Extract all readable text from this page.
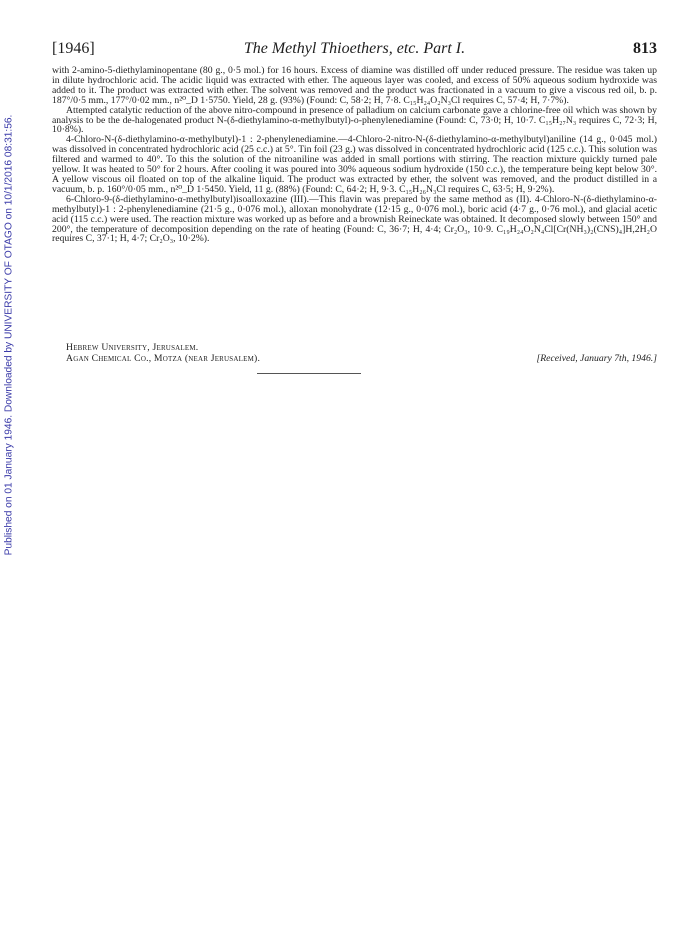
Published on 01 January 1946. Downloaded by UNIVERSITY OF OTAGO on 10/1/2016 08:31:56.
[1946]	The Methyl Thioethers, etc. Part I.	813

with 2-amino-5-diethylaminopentane (80 g., 0·5 mol.) for 16 hours. Excess of diamine was distilled off under reduced pressure. The residue was taken up in dilute hydrochloric acid. The acidic liquid was extracted with ether. The aqueous layer was cooled, and excess of 50% aqueous sodium hydroxide was added to it. The product was extracted with ether. The solvent was removed and the product was fractionated in a vacuum to give a viscous red oil, b. p. 187°/0·5 mm., 177°/0·02 mm., n²⁰_D 1·5750. Yield, 28 g. (93%) (Found: C, 58·2; H, 7·8. C₁₅H₂₄O₂N₃Cl requires C, 57·4; H, 7·7%).

Attempted catalytic reduction of the above nitro-compound in presence of palladium on calcium carbonate gave a chlorine-free oil which was shown by analysis to be the de-halogenated product N-(δ-diethylamino-α-methylbutyl)-o-phenylenediamine (Found: C, 73·0; H, 10·7. C₁₅H₂₇N₃ requires C, 72·3; H, 10·8%).

4-Chloro-N-(δ-diethylamino-α-methylbutyl)-1 : 2-phenylenediamine.—4-Chloro-2-nitro-N-(δ-diethylamino-α-methylbutyl)aniline (14 g., 0·045 mol.) was dissolved in concentrated hydrochloric acid (25 c.c.) at 5°. Tin foil (23 g.) was dissolved in concentrated hydrochloric acid (125 c.c.). This solution was filtered and warmed to 40°. To this the solution of the nitroaniline was added in small portions with stirring. The reaction mixture quickly turned pale yellow. It was heated to 50° for 2 hours. After cooling it was poured into 30% aqueous sodium hydroxide (150 c.c.), the temperature being kept below 30°. A yellow viscous oil floated on top of the alkaline liquid. The product was extracted by ether, the solvent was removed, and the product distilled in a vacuum, b. p. 160°/0·05 mm., n²⁰_D 1·5450. Yield, 11 g. (88%) (Found: C, 64·2; H, 9·3. C₁₅H₂₆N₃Cl requires C, 63·5; H, 9·2%).

6-Chloro-9-(δ-diethylamino-α-methylbutyl)isoalloxazine (III).—This flavin was prepared by the same method as (II). 4-Chloro-N-(δ-diethylamino-α-methylbutyl)-1 : 2-phenylenediamine (21·5 g., 0·076 mol.), alloxan monohydrate (12·15 g., 0·076 mol.), boric acid (4·7 g., 0·76 mol.), and glacial acetic acid (115 c.c.) were used. The reaction mixture was worked up as before and a brownish Reineckate was obtained. It decomposed slowly between 150° and 200°, the temperature of decomposition depending on the rate of heating (Found: C, 36·7; H, 4·4; Cr₂O₃, 10·9. C₁₉H₂₄O₂N₄Cl[Cr(NH₃)₂(CNS)₄]H,2H₂O requires C, 37·1; H, 4·7; Cr₂O₃, 10·2%).

Hebrew University, Jerusalem.
Agan Chemical Co., Motza (near Jerusalem).	[Received, January 7th, 1946.]
